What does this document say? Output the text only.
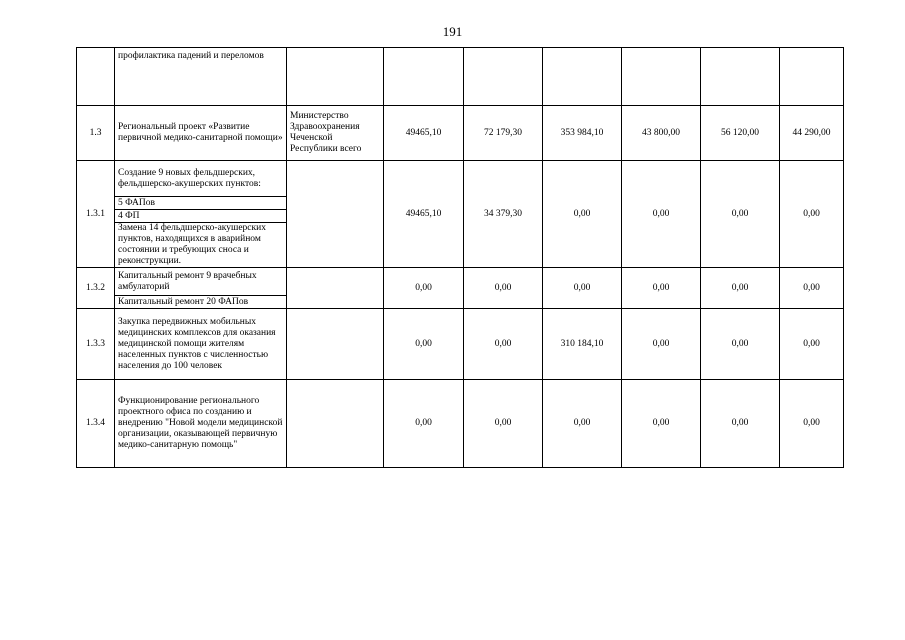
191
	профилактика падений и переломов							
1.3	Региональный проект «Развитие первичной медико-санитарной помощи»	Министерство Здравоохранения Чеченской Республики всего	49465,10	72 179,30	353 984,10	43 800,00	56 120,00	44 290,00
1.3.1	Создание 9 новых фельдшерских, фельдшерско-акушерских пунктов:		49465,10	34 379,30	0,00	0,00	0,00	0,00
	5 ФАПов							
	4 ФП							
	Замена 14 фельдшерско-акушерских пунктов, находящихся в аварийном состоянии и требующих сноса и реконструкции.							
1.3.2	Капитальный ремонт 9 врачебных амбулаторий		0,00	0,00	0,00	0,00	0,00	0,00
	Капитальный ремонт 20 ФАПов							
1.3.3	Закупка передвижных мобильных медицинских комплексов для оказания медицинской помощи жителям населенных пунктов с численностью населения до 100 человек		0,00	0,00	310 184,10	0,00	0,00	0,00
1.3.4	Функционирование регионального проектного офиса по созданию и внедрению "Новой модели медицинской организации, оказывающей первичную медико-санитарную помощь"		0,00	0,00	0,00	0,00	0,00	0,00
